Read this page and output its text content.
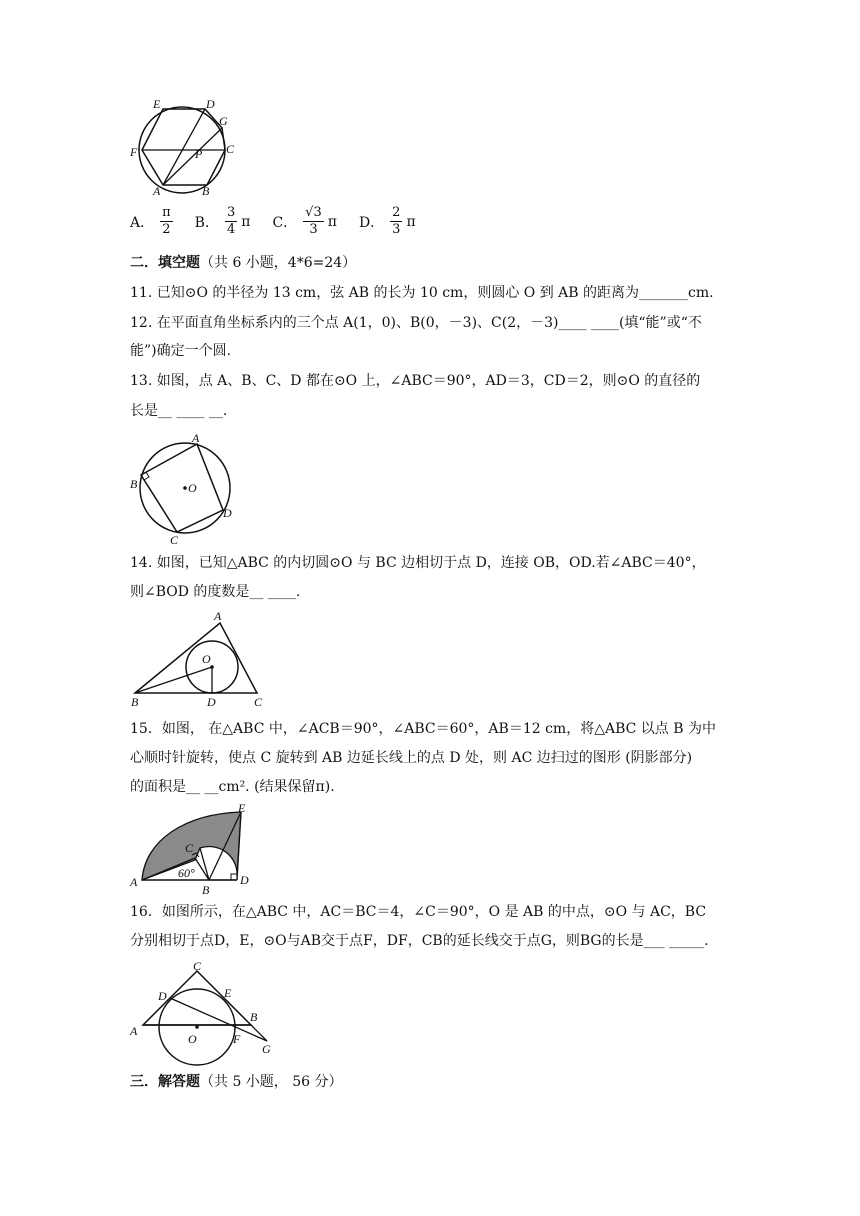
E	D
G
F	P C
A	B
A． $\frac{\pi}{2}$ B． $\frac{3}{4}$ π C． $\frac{√3}{3}$ π D． $\frac{2}{3}$ π
二．填空题（共 6 小题，4*6=24）
11. 已知⊙O 的半径为 13 cm，弦 AB 的长为 10 cm，则圆心 O 到 AB 的距离为_______cm.
12. 在平面直角坐标系内的三个点 A(1，0)、B(0，－3)、C(2，－3)____ ____(填“能”或“不
能”)确定一个圆.
13. 如图，点 A、B、C、D 都在⊙O 上，∠ABC＝90°，AD＝3，CD＝2，则⊙O 的直径的
长是__ ____ __.
A
B	O
C
D
14. 如图，已知△ABC 的内切圆⊙O 与 BC 边相切于点 D，连接 OB，OD.若∠ABC＝40°，
则∠BOD 的度数是__ ____.
A
O
B	D	C
15．如图， 在△ABC 中，∠ACB＝90°，∠ABC＝60°，AB＝12 cm，将△ABC 以点 B 为中
心顺时针旋转，使点 C 旋转到 AB 边延长线上的点 D 处，则 AC 边扫过的图形 (阴影部分)
的面积是__ __cm². (结果保留π).
E
C
A
B
D
60°
16．如图所示，在△ABC 中，AC＝BC＝4，∠C＝90°，O 是 AB 的中点，⊙O 与 AC，BC
分别相切于点D，E，⊙O与AB交于点F，DF，CB的延长线交于点G，则BG的长是___ _____.
C
D	E
A
B
O	F
G
三．解答题（共 5 小题， 56 分）
